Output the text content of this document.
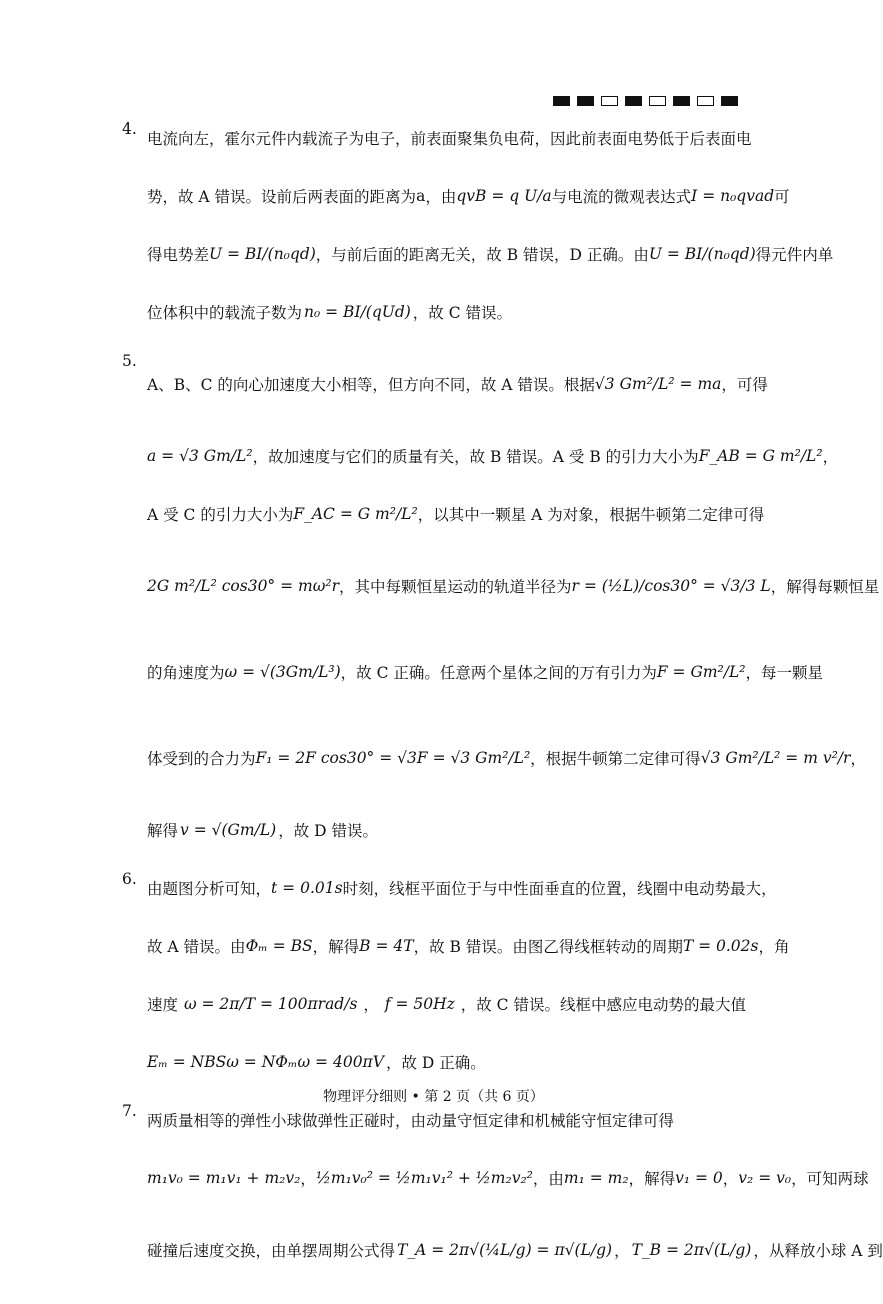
4.
电流向左，霍尔元件内载流子为电子，前表面聚集负电荷，因此前表面电势低于后表面电
势，故 A 错误。设前后两表面的距离为 a ，由 qvB = q U/a 与电流的微观表达式 I = n₀qvad 可
得电势差 U = BI/(n₀qd) ，与前后面的距离无关，故 B 错误，D 正确。由 U = BI/(n₀qd) 得元件内单
位体积中的载流子数为 n₀ = BI/(qUd) ，故 C 错误。
5.
A、B、C 的向心加速度大小相等，但方向不同，故 A 错误。根据 √3 Gm²/L² = ma ，可得
a = √3 Gm/L² ，故加速度与它们的质量有关，故 B 错误。A 受 B 的引力大小为 F_AB = G m²/L² ，
A 受 C 的引力大小为 F_AC = G m²/L² ，以其中一颗星 A 为对象，根据牛顿第二定律可得
2G m²/L² cos30° = mω²r ，其中每颗恒星运动的轨道半径为 r = (½L)/cos30° = √3/3 L ，解得每颗恒星
的角速度为 ω = √(3Gm/L³) ，故 C 正确。任意两个星体之间的万有引力为 F = Gm²/L² ，每一颗星
体受到的合力为 F₁ = 2F cos30° = √3F = √3 Gm²/L² ，根据牛顿第二定律可得 √3 Gm²/L² = m v²/r ，
解得 v = √(Gm/L) ，故 D 错误。
6.
由题图分析可知， t = 0.01s 时刻，线框平面位于与中性面垂直的位置，线圈中电动势最大，
故 A 错误。由 Φₘ = BS ，解得 B = 4T ，故 B 错误。由图乙得线框转动的周期 T = 0.02s ，角
速度 ω = 2π/T = 100πrad/s ， f = 50Hz ，故 C 错误。线框中感应电动势的最大值
Eₘ = NBSω = NΦₘω = 400πV ，故 D 正确。
7.
两质量相等的弹性小球做弹性正碰时，由动量守恒定律和机械能守恒定律可得
m₁v₀ = m₁v₁ + m₂v₂ ， ½m₁v₀² = ½m₁v₁² + ½m₂v₂² ，由 m₁ = m₂ ，解得 v₁ = 0 ， v₂ = v₀ ，可知两球
碰撞后速度交换，由单摆周期公式得 T_A = 2π√(¼L/g) = π√(L/g) ， T_B = 2π√(L/g) ，从释放小球 A 到
物理评分细则 • 第 2 页（共 6 页）
